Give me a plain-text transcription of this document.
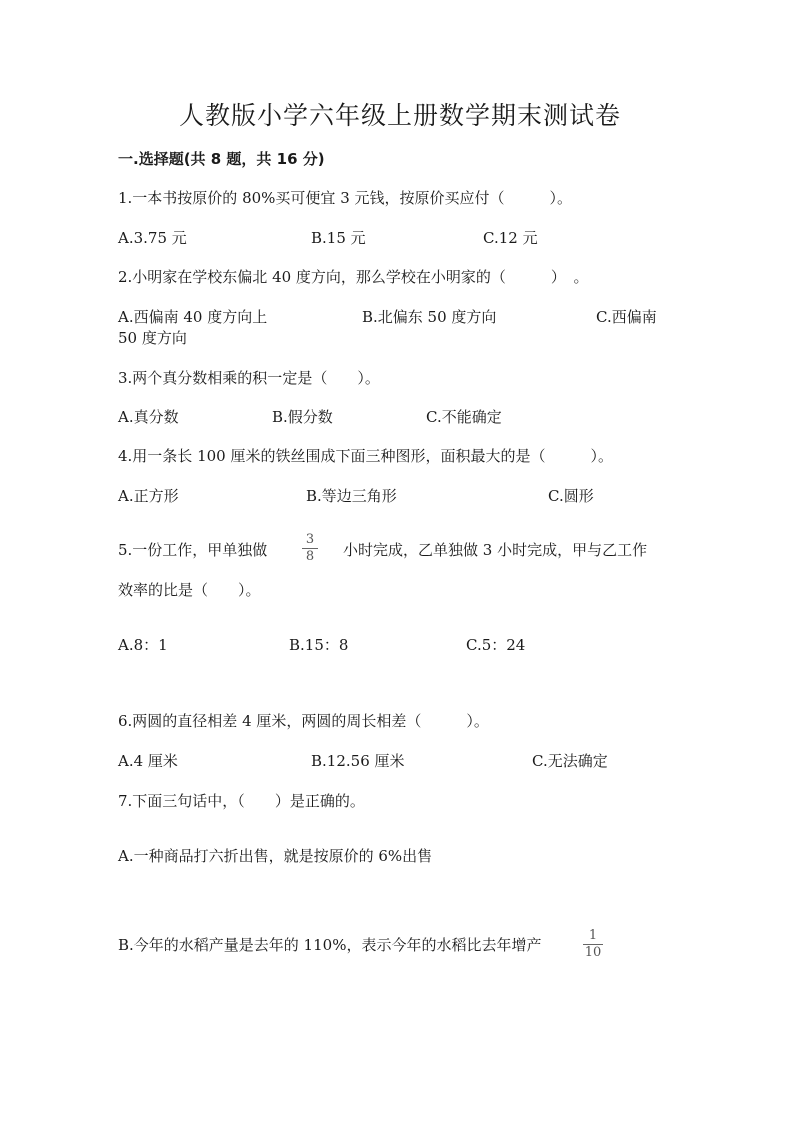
人教版小学六年级上册数学期末测试卷
一.选择题(共 8 题，共 16 分)
1.一本书按原价的 80%买可便宜 3 元钱，按原价买应付（　　　）。
A.3.75 元	B.15 元	C.12 元
2.小明家在学校东偏北 40 度方向，那么学校在小明家的（　　　）　。
A.西偏南 40 度方向上	B.北偏东 50 度方向	C.西偏南
50 度方向
3.两个真分数相乘的积一定是（　　）。
A.真分数	B.假分数	C.不能确定
4.用一条长 100 厘米的铁丝围成下面三种图形，面积最大的是（　　　）。
A.正方形	B.等边三角形	C.圆形
5.一份工作，甲单独做
3
8 小时完成，乙单独做 3 小时完成，甲与乙工作
效率的比是（　　）。
A.8：1	B.15：8	C.5：24
6.两圆的直径相差 4 厘米，两圆的周长相差（　　　）。
A.4 厘米	B.12.56 厘米	C.无法确定
7.下面三句话中，（　　）是正确的。
A.一种商品打六折出售，就是按原价的 6%出售
B.今年的水稻产量是去年的 110%，表示今年的水稻比去年增产
1
10
